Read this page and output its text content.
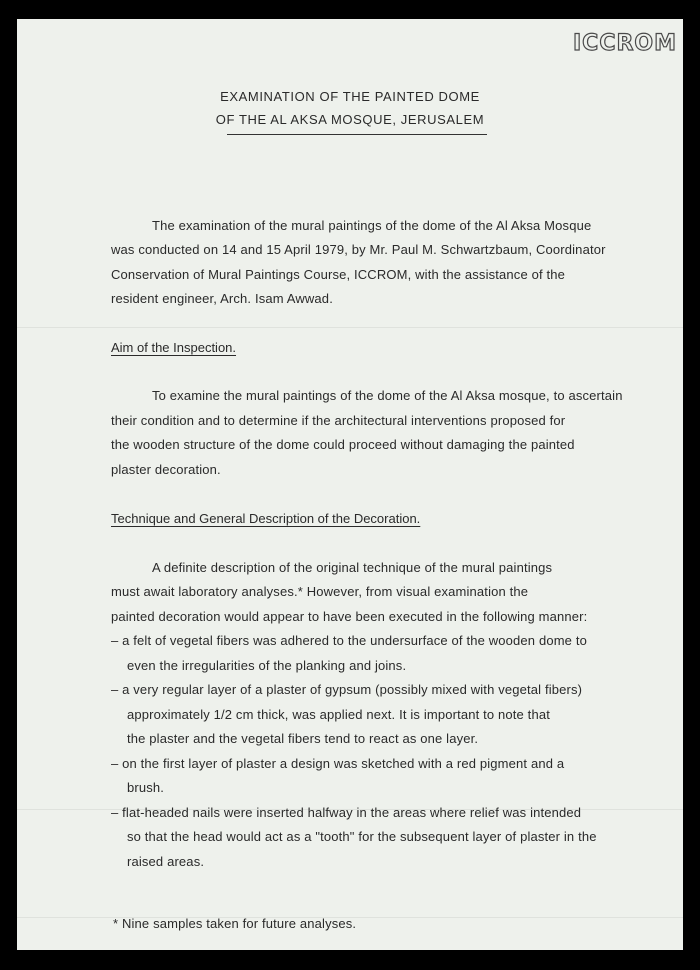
ICCROM
EXAMINATION OF THE PAINTED DOME
OF THE AL AKSA MOSQUE, JERUSALEM
The examination of the mural paintings of the dome of the Al Aksa Mosque
was conducted on 14 and 15 April 1979, by Mr. Paul M. Schwartzbaum, Coordinator
Conservation of Mural Paintings Course, ICCROM, with the assistance of the
resident engineer, Arch. Isam Awwad.
Aim of the Inspection.
To examine the mural paintings of the dome of the Al Aksa mosque, to ascertain
their condition and to determine if the architectural interventions proposed for
the wooden structure of the dome could proceed without damaging the painted
plaster decoration.
Technique and General Description of the Decoration.
A definite description of the original technique of the mural paintings
must await laboratory analyses.* However, from visual examination the
painted decoration would appear to have been executed in the following manner:
– a felt of vegetal fibers was adhered to the undersurface of the wooden dome to
even the irregularities of the planking and joins.
– a very regular layer of a plaster of gypsum (possibly mixed with vegetal fibers)
approximately 1/2 cm thick, was applied next. It is important to note that
the plaster and the vegetal fibers tend to react as one layer.
– on the first layer of plaster a design was sketched with a red pigment and a
brush.
– flat-headed nails were inserted halfway in the areas where relief was intended
so that the head would act as a "tooth" for the subsequent layer of plaster in the
raised areas.
* Nine samples taken for future analyses.
